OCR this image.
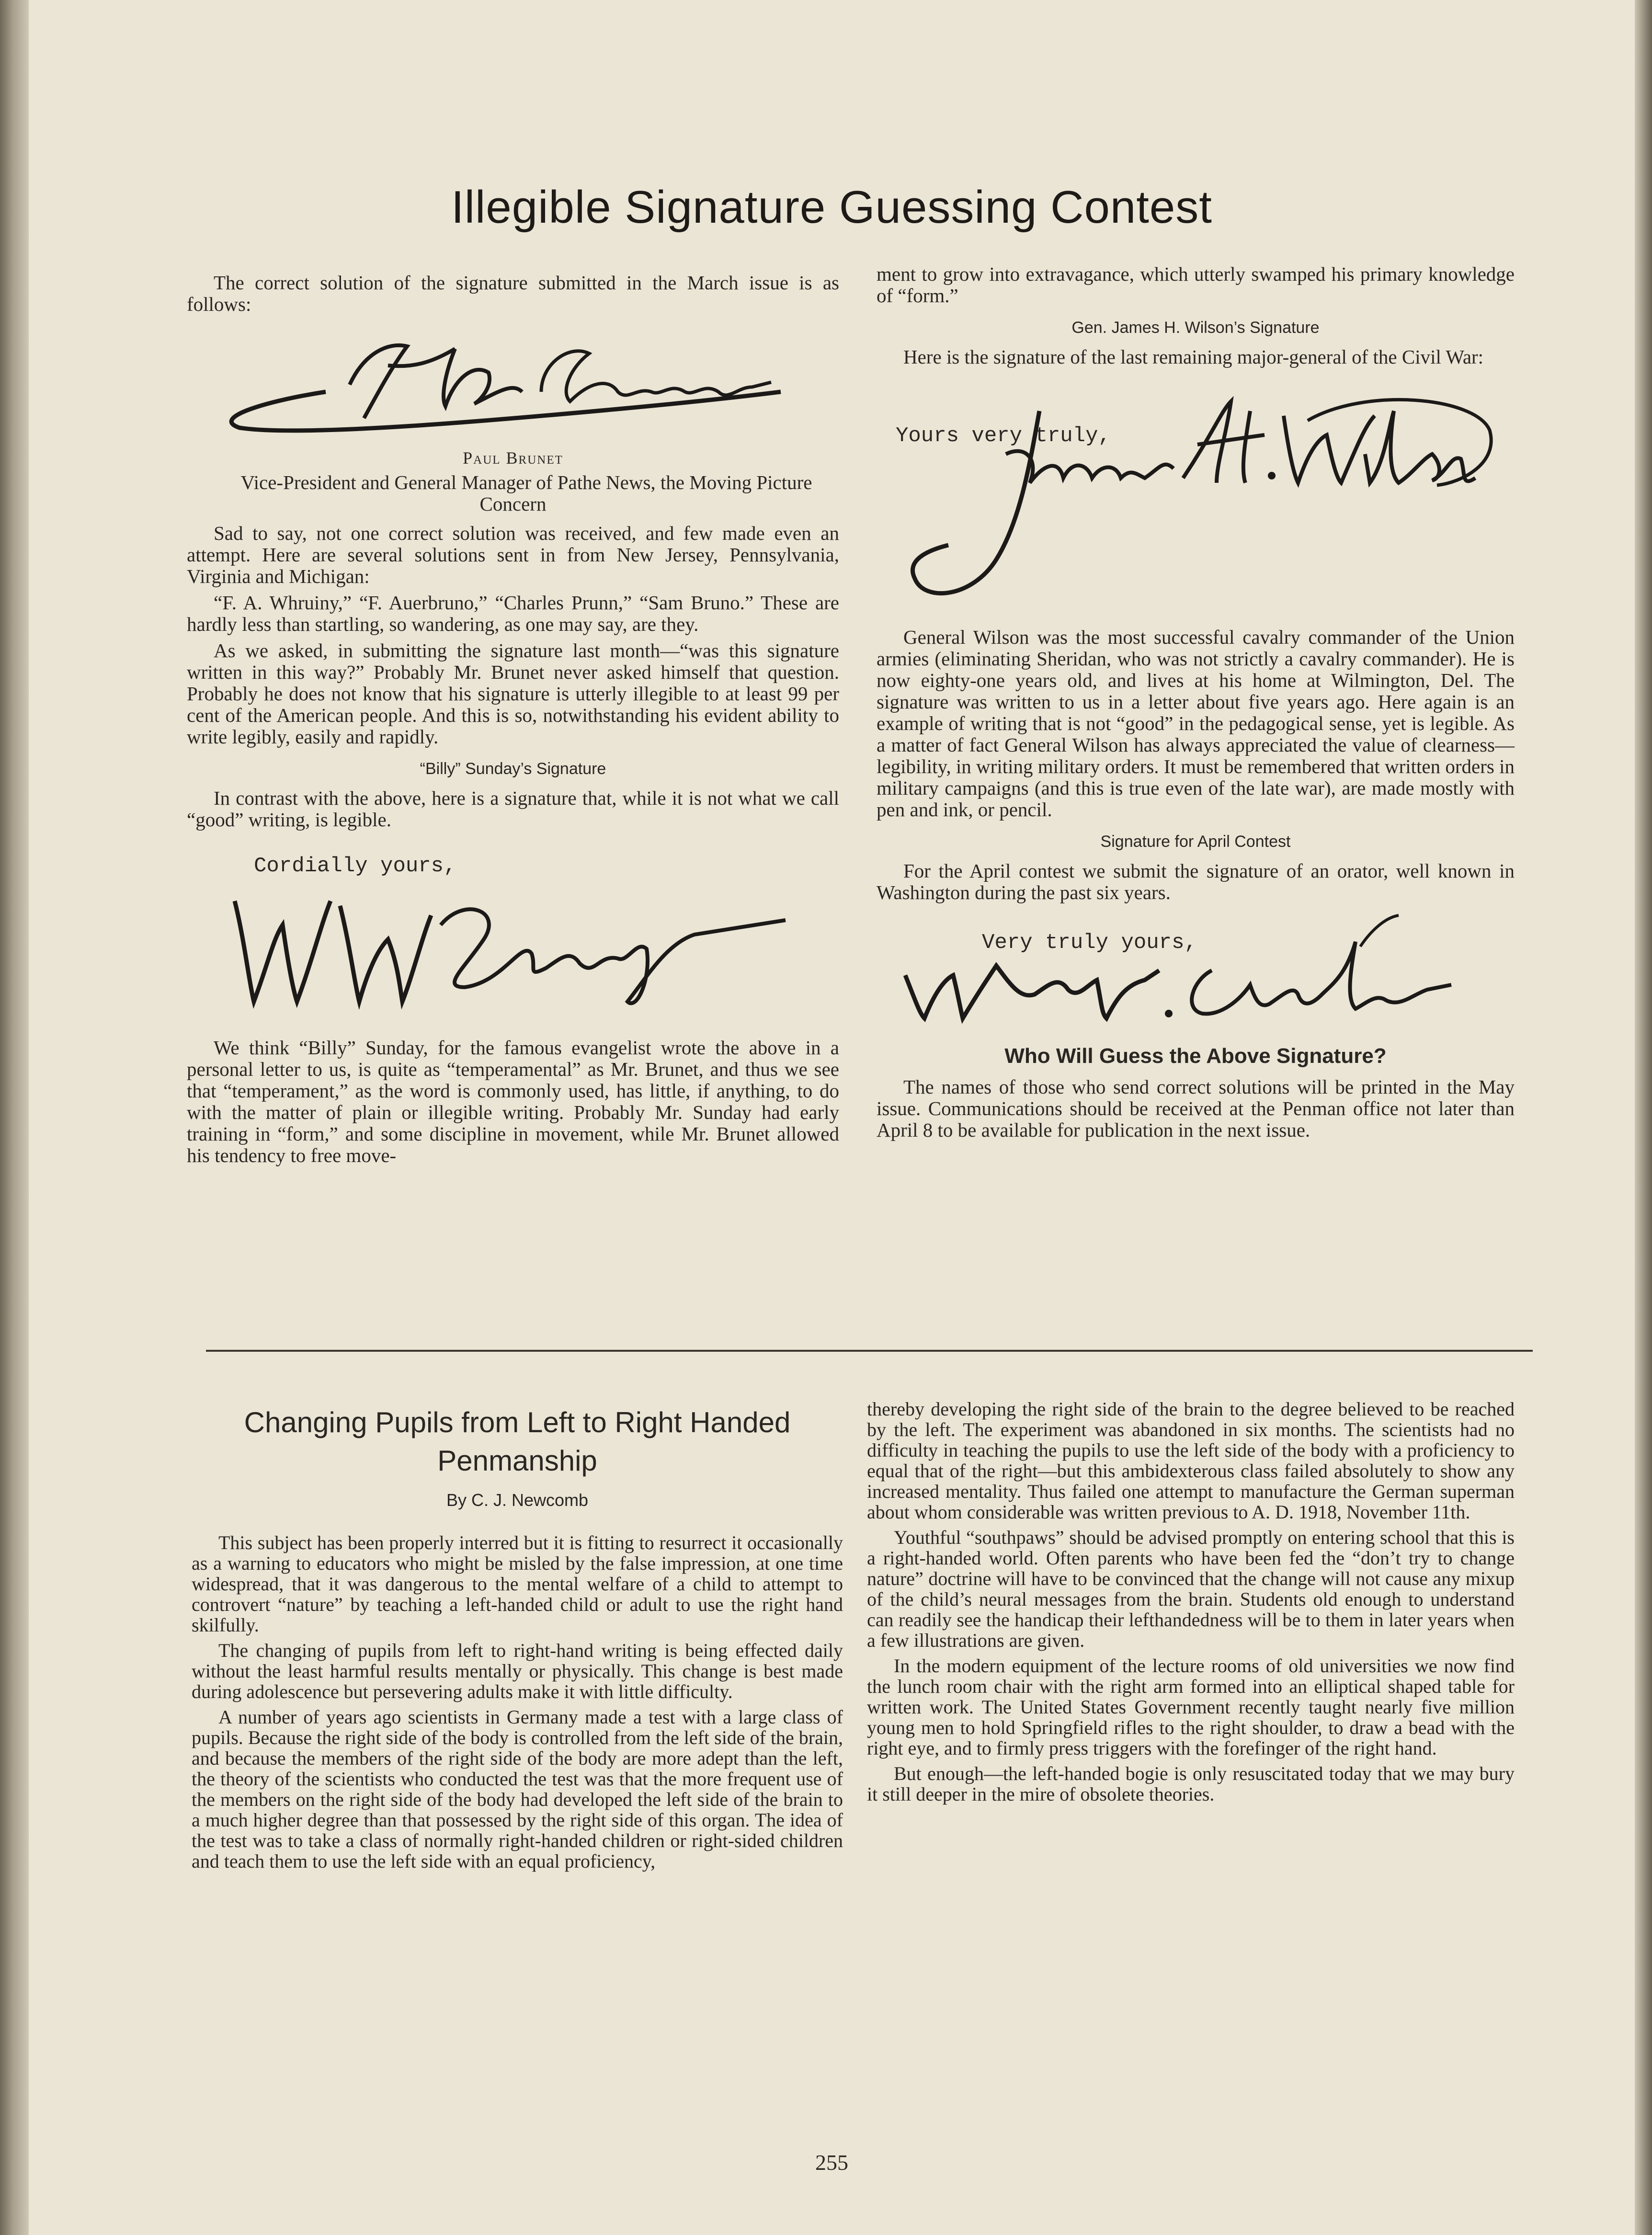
Illegible Signature Guessing Contest

The correct solution of the signature submitted in the March issue is as follows:

Paul Brunet

Vice-President and General Manager of Pathe News, the Moving Picture Concern

Sad to say, not one correct solution was received, and few made even an attempt. Here are several solutions sent in from New Jersey, Pennsylvania, Virginia and Michigan:

“F. A. Whruiny,” “F. Auerbruno,” “Charles Prunn,” “Sam Bruno.” These are hardly less than startling, so wandering, as one may say, are they.

As we asked, in submitting the signature last month—“was this signature written in this way?” Probably Mr. Brunet never asked himself that question. Probably he does not know that his signature is utterly illegible to at least 99 per cent of the American people. And this is so, notwithstanding his evident ability to write legibly, easily and rapidly.

“Billy” Sunday’s Signature

In contrast with the above, here is a signature that, while it is not what we call “good” writing, is legible.

Cordially yours,

We think “Billy” Sunday, for the famous evangelist wrote the above in a personal letter to us, is quite as “temperamental” as Mr. Brunet, and thus we see that “temperament,” as the word is commonly used, has little, if anything, to do with the matter of plain or illegible writing. Probably Mr. Sunday had early training in “form,” and some discipline in movement, while Mr. Brunet allowed his tendency to free move-

ment to grow into extravagance, which utterly swamped his primary knowledge of “form.”

Gen. James H. Wilson’s Signature

Here is the signature of the last remaining major-general of the Civil War:

Yours very truly,

General Wilson was the most successful cavalry commander of the Union armies (eliminating Sheridan, who was not strictly a cavalry commander). He is now eighty-one years old, and lives at his home at Wilmington, Del. The signature was written to us in a letter about five years ago. Here again is an example of writing that is not “good” in the pedagogical sense, yet is legible. As a matter of fact General Wilson has always appreciated the value of clearness—legibility, in writing military orders. It must be remembered that written orders in military campaigns (and this is true even of the late war), are made mostly with pen and ink, or pencil.

Signature for April Contest

For the April contest we submit the signature of an orator, well known in Washington during the past six years.

Very truly yours,
Who Will Guess the Above Signature?

The names of those who send correct solutions will be printed in the May issue. Communications should be received at the Penman office not later than April 8 to be available for publication in the next issue.

Changing Pupils from Left to Right Handed Penmanship
By C. J. Newcomb

This subject has been properly interred but it is fitting to resurrect it occasionally as a warning to educators who might be misled by the false impression, at one time widespread, that it was dangerous to the mental welfare of a child to attempt to controvert “nature” by teaching a left-handed child or adult to use the right hand skilfully.

The changing of pupils from left to right-hand writing is being effected daily without the least harmful results mentally or physically. This change is best made during adolescence but persevering adults make it with little difficulty.

A number of years ago scientists in Germany made a test with a large class of pupils. Because the right side of the body is controlled from the left side of the brain, and because the members of the right side of the body are more adept than the left, the theory of the scientists who conducted the test was that the more frequent use of the members on the right side of the body had developed the left side of the brain to a much higher degree than that possessed by the right side of this organ. The idea of the test was to take a class of normally right-handed children or right-sided children and teach them to use the left side with an equal proficiency,

thereby developing the right side of the brain to the degree believed to be reached by the left. The experiment was abandoned in six months. The scientists had no difficulty in teaching the pupils to use the left side of the body with a proficiency to equal that of the right—but this ambidexterous class failed absolutely to show any increased mentality. Thus failed one attempt to manufacture the German superman about whom considerable was written previous to A. D. 1918, November 11th.

Youthful “southpaws” should be advised promptly on entering school that this is a right-handed world. Often parents who have been fed the “don’t try to change nature” doctrine will have to be convinced that the change will not cause any mixup of the child’s neural messages from the brain. Students old enough to understand can readily see the handicap their lefthandedness will be to them in later years when a few illustrations are given.

In the modern equipment of the lecture rooms of old universities we now find the lunch room chair with the right arm formed into an elliptical shaped table for written work. The United States Government recently taught nearly five million young men to hold Springfield rifles to the right shoulder, to draw a bead with the right eye, and to firmly press triggers with the forefinger of the right hand.

But enough—the left-handed bogie is only resuscitated today that we may bury it still deeper in the mire of obsolete theories.

255
